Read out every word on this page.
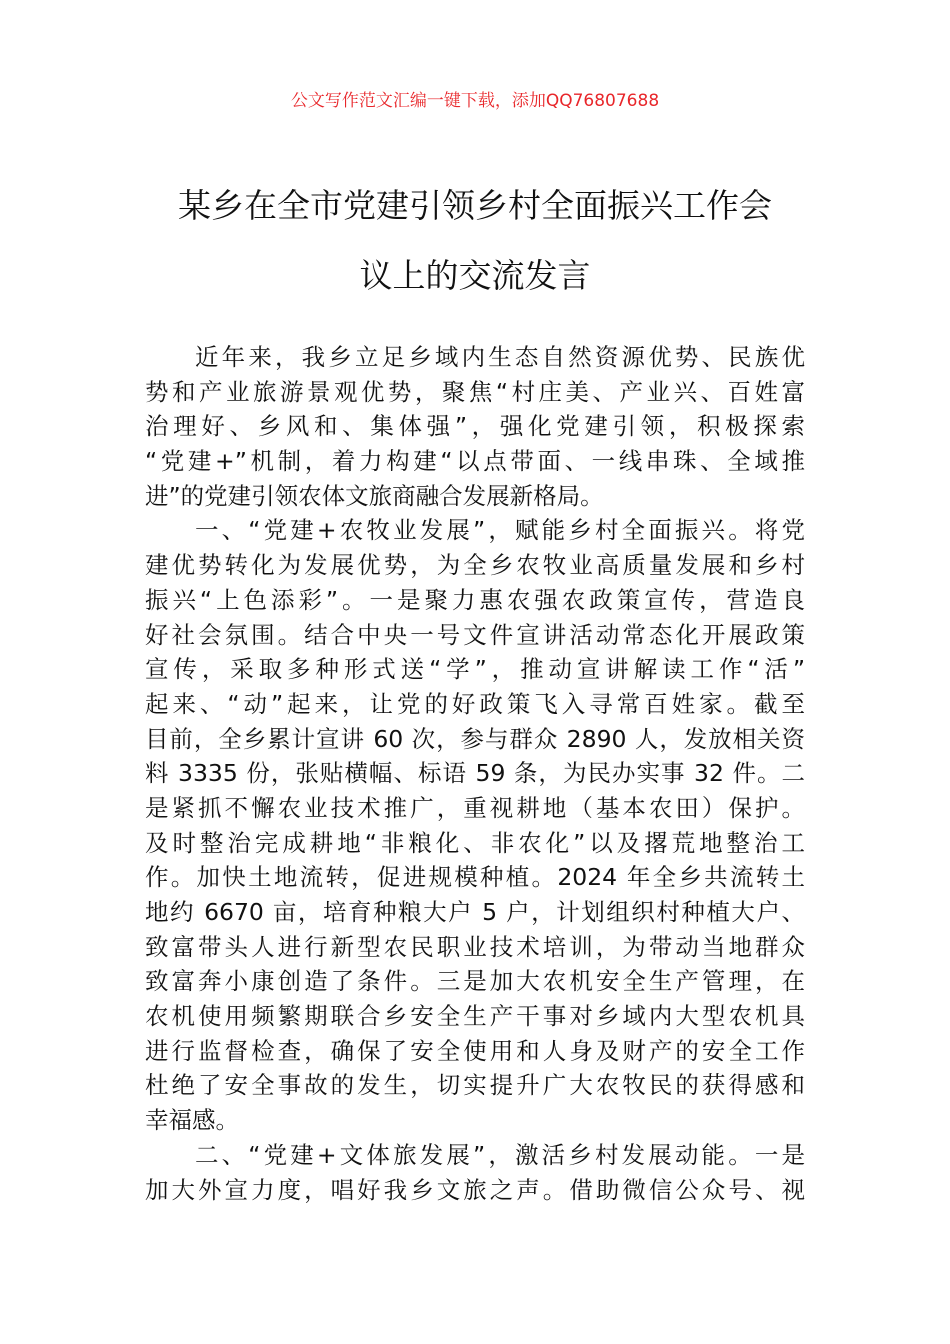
公文写作范文汇编一键下载，添加QQ76807688
某乡在全市党建引领乡村全面振兴工作会
议上的交流发言
近年来，我乡立足乡域内生态自然资源优势、民族优
势和产业旅游景观优势，聚焦“村庄美、产业兴、百姓富
治理好、乡风和、集体强”，强化党建引领，积极探索
“党建+”机制，着力构建“以点带面、一线串珠、全域推
进”的党建引领农体文旅商融合发展新格局。
一、“党建+农牧业发展”，赋能乡村全面振兴。将党
建优势转化为发展优势，为全乡农牧业高质量发展和乡村
振兴“上色添彩”。一是聚力惠农强农政策宣传，营造良
好社会氛围。结合中央一号文件宣讲活动常态化开展政策
宣传，采取多种形式送“学”，推动宣讲解读工作“活”
起来、“动”起来，让党的好政策飞入寻常百姓家。截至
目前，全乡累计宣讲 60 次，参与群众 2890 人，发放相关资
料 3335 份，张贴横幅、标语 59 条，为民办实事 32 件。二
是紧抓不懈农业技术推广，重视耕地（基本农田）保护。
及时整治完成耕地“非粮化、非农化”以及撂荒地整治工
作。加快土地流转，促进规模种植。2024 年全乡共流转土
地约 6670 亩，培育种粮大户 5 户，计划组织村种植大户、
致富带头人进行新型农民职业技术培训，为带动当地群众
致富奔小康创造了条件。三是加大农机安全生产管理，在
农机使用频繁期联合乡安全生产干事对乡域内大型农机具
进行监督检查，确保了安全使用和人身及财产的安全工作
杜绝了安全事故的发生，切实提升广大农牧民的获得感和
幸福感。
二、“党建+文体旅发展”，激活乡村发展动能。一是
加大外宣力度，唱好我乡文旅之声。借助微信公众号、视
